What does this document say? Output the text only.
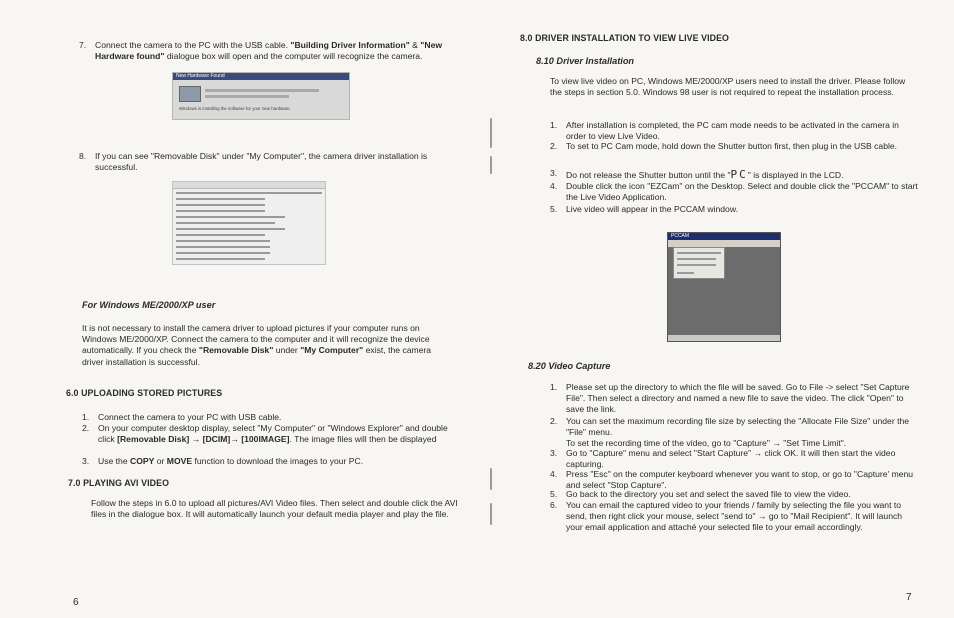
7. Connect the camera to the PC with the USB cable. "Building Driver Information" & "New Hardware found" dialogue box will open and the computer will recognize the camera.

New Hardware Found
Windows is installing the software for your new hardware.
8. If you can see "Removable Disk" under "My Computer", the camera driver installation is successful.

For Windows ME/2000/XP user

It is not necessary to install the camera driver to upload pictures if your computer runs on Windows ME/2000/XP. Connect the camera to the computer and it will recognize the device automatically. If you check the "Removable Disk" under "My Computer" exist, the camera driver installation is successful.

6.0 UPLOADING STORED PICTURES

1. Connect the camera to your PC with USB cable.

2. On your computer desktop display, select "My Computer" or "Windows Explorer" and double click [Removable Disk] → [DCIM]→ [100IMAGE]. The image files will then be displayed

3. Use the COPY or MOVE function to download the images to your PC.

7.0 PLAYING AVI VIDEO

Follow the steps in 6.0 to upload all pictures/AVI Video files. Then select and double click the AVI files in the dialogue box. It will automatically launch your default media player and play the file.

6

8.0 DRIVER INSTALLATION TO VIEW LIVE VIDEO

8.10 Driver Installation

To view live video on PC, Windows ME/2000/XP users need to install the driver. Please follow the steps in section 5.0. Windows 98 user is not required to repeat the installation process.

1. After installation is completed, the PC cam mode needs to be activated in the camera in order to view Live Video.

2. To set to PC Cam mode, hold down the Shutter button first, then plug in the USB cable.

3. Do not release the Shutter button until the "PC" is displayed in the LCD.

4. Double click the icon "EZCam" on the Desktop. Select and double click the "PCCAM" to start the Live Video Application.

5. Live video will appear in the PCCAM window.

PCCAM

8.20 Video Capture

1. Please set up the directory to which the file will be saved. Go to File -> select "Set Capture File". Then select a directory and named a new file to save the video. The click "Open" to save the link.

2. You can set the maximum recording file size by selecting the "Allocate File Size" under the "File" menu.
To set the recording time of the video, go to "Capture" → "Set Time Limit".

3. Go to "Capture" menu and select "Start Capture" → click OK. It will then start the video capturing.

4. Press "Esc" on the computer keyboard whenever you want to stop, or go to "Capture' menu and select "Stop Capture".

5. Go back to the directory you set and select the saved file to view the video.

6. You can email the captured video to your friends / family by selecting the file you want to send, then right click your mouse, select "send to" → go to "Mail Recipient". It will launch your email application and attaché your selected file to your email accordingly.

7
